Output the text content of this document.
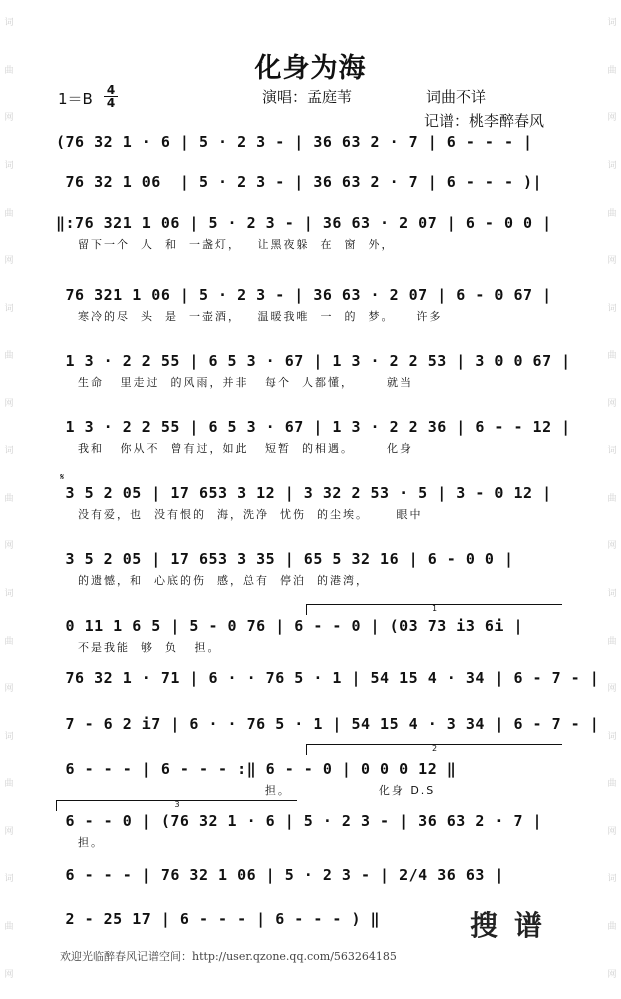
词
曲
网
词
曲
网
词
曲
网
词
曲
网
词
曲
网
词
曲
网
词
曲
网
词
曲
网
词
曲
网
词
曲
网
词
曲
网
词
曲
网
词
曲
网
词
曲
网
化身为海
1＝B 4
4	演唱：孟庭苇	词曲不详
记谱：桃李醉春风
𝄋
(76 32 1 · 6 | 5 · 2 3 - | 36 63 2 · 7 | 6 - - - |
76 32 1 06  | 5 · 2 3 - | 36 63 2 · 7 | 6 - - - )|
‖:76 321 1 06 | 5 · 2 3 - | 36 63 · 2 07 | 6 - 0 0 |
留下一个  人  和  一盏灯，   让黑夜躲  在  窗  外，
76 321 1 06 | 5 · 2 3 - | 36 63 · 2 07 | 6 - 0 67 |
寒冷的尽  头  是  一壶酒，   温暖我唯  一  的  梦。    许多
1 3 · 2 2 55 | 6 5 3 · 67 | 1 3 · 2 2 53 | 3 0 0 67 |
生命   里走过  的风雨，并非   每个  人都懂，      就当
1 3 · 2 2 55 | 6 5 3 · 67 | 1 3 · 2 2 36 | 6 - - 12 |
我和   你从不  曾有过，如此   短暂  的相遇。      化身
3 5 2 05 | 17 653 3 12 | 3 32 2 53 · 5 | 3 - 0 12 |
没有爱，也  没有恨的  海，洗净  忧伤  的尘埃。     眼中
3 5 2 05 | 17 653 3 35 | 65 5 32 16 | 6 - 0 0 |
的遗憾，和  心底的伤  感，总有  停泊  的港湾，
0 11 1 6 5 | 5 - 0 76 | 6 - - 0 | (03 73 i3 6i |
不是我能  够  负   担。
76 32 1 · 71 | 6 · · 76 5 · 1 | 54 15 4 · 34 | 6 - 7 - |
7 - 6 2 i7 | 6 · · 76 5 · 1 | 54 15 4 · 3 34 | 6 - 7 - |
6 - - - | 6 - - - :‖ 6 - - 0 | 0 0 0 12 ‖
担。                化身 D.S
6 - - 0 | (76 32 1 · 6 | 5 · 2 3 - | 36 63 2 · 7 |
担。
6 - - - | 76 32 1 06 | 5 · 2 3 - | 2/4 36 63 |
2 - 25 17 | 6 - - - | 6 - - - ) ‖	搜谱
欢迎光临醉春风记谱空间：http://user.qzone.qq.com/563264185
1
2
3
